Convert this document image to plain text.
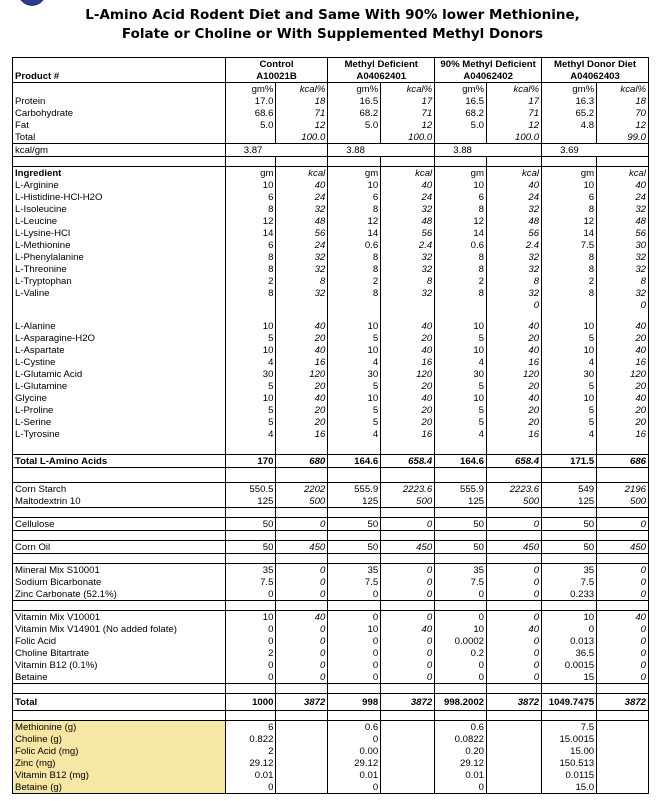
L-Amino Acid Rodent Diet and Same With 90% lower Methionine,
Folate or Choline or With Supplemented Methyl Donors
	Control		Methyl Deficient		90% Methyl Deficient		Methyl Donor Diet	
Product #	A10021B		A04062401		A04062402		A04062403	
	gm%	kcal%	gm%	kcal%	gm%	kcal%	gm%	kcal%
Protein	17.0	18	16.5	17	16.5	17	16.3	18
Carbohydrate	68.6	71	68.2	71	68.2	71	65.2	70
Fat	5.0	12	5.0	12	5.0	12	4.8	12
Total		100.0		100.0		100.0		99.0
kcal/gm	3.87		3.88		3.88		3.69	

Ingredient	gm	kcal	gm	kcal	gm	kcal	gm	kcal
L-Arginine	10	40	10	40	10	40	10	40
L-Histidine-HCl-H2O	6	24	6	24	6	24	6	24
L-Isoleucine	8	32	8	32	8	32	8	32
L-Leucine	12	48	12	48	12	48	12	48
L-Lysine-HCl	14	56	14	56	14	56	14	56
L-Methionine	6	24	0.6	2.4	0.6	2.4	7.5	30
L-Phenylalanine	8	32	8	32	8	32	8	32
L-Threonine	8	32	8	32	8	32	8	32
L-Tryptophan	2	8	2	8	2	8	2	8
L-Valine	8	32	8	32	8	32	8	32
						0		0

L-Alanine	10	40	10	40	10	40	10	40
L-Asparagine-H2O	5	20	5	20	5	20	5	20
L-Aspartate	10	40	10	40	10	40	10	40
L-Cystine	4	16	4	16	4	16	4	16
L-Glutamic Acid	30	120	30	120	30	120	30	120
L-Glutamine	5	20	5	20	5	20	5	20
Glycine	10	40	10	40	10	40	10	40
L-Proline	5	20	5	20	5	20	5	20
L-Serine	5	20	5	20	5	20	5	20
L-Tyrosine	4	16	4	16	4	16	4	16

Total L-Amino Acids	170	680	164.6	658.4	164.6	658.4	171.5	686

Corn Starch	550.5	2202	555.9	2223.6	555.9	2223.6	549	2196
Maltodextrin 10	125	500	125	500	125	500	125	500

Cellulose	50	0	50	0	50	0	50	0

Corn Oil	50	450	50	450	50	450	50	450

Mineral Mix S10001	35	0	35	0	35	0	35	0
Sodium Bicarbonate	7.5	0	7.5	0	7.5	0	7.5	0
Zinc Carbonate (52.1%)	0	0	0	0	0	0	0.233	0

Vitamin Mix V10001	10	40	0	0	0	0	10	40
Vitamin Mix V14901 (No added folate)	0	0	10	40	10	40	0	0
Folic Acid	0	0	0	0	0.0002	0	0.013	0
Choline Bitartrate	2	0	0	0	0.2	0	36.5	0
Vitamin B12 (0.1%)	0	0	0	0	0	0	0.0015	0
Betaine	0	0	0	0	0	0	15	0

Total	1000	3872	998	3872	998.2002	3872	1049.7475	3872

Methionine (g)	6		0.6		0.6		7.5	
Choline (g)	0.822		0		0.0822		15.0015	
Folic Acid (mg)	2		0.00		0.20		15.00	
Zinc (mg)	29.12		29.12		29.12		150.513	
Vitamin B12 (mg)	0.01		0.01		0.01		0.0115	
Betaine (g)	0		0		0		15.0	
